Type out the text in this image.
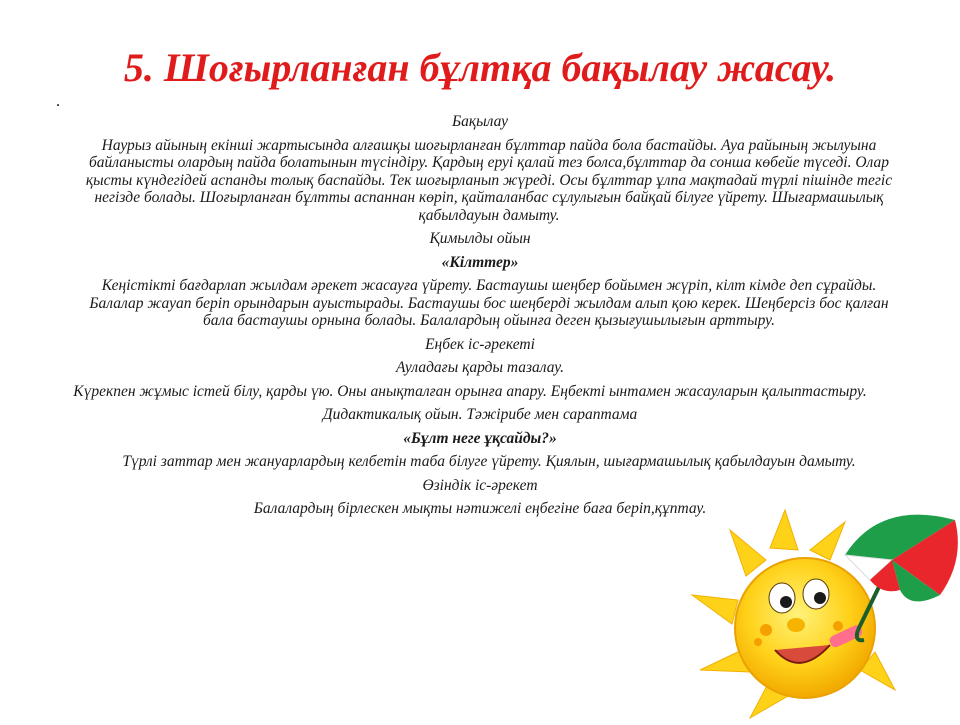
5. Шоғырланған бұлтқа бақылау жасау.
.

Бақылау

Наурыз айының екінші жартысында алғашқы шоғырланған бұлттар пайда бола бастайды. Ауа райының жылуына байланысты олардың пайда болатынын түсіндіру. Қардың еруі қалай тез болса,бұлттар да соншa көбейе түседі. Олар қысты күндегідей аспанды толық баспайды. Тек шоғырланып жүреді. Осы бұлттар ұлпа мақтадай түрлі пішінде тегіс негізде болады. Шоғырланған бұлтты аспаннан көріп, қайталанбас сұлулығын байқай білуге үйрету. Шығармашылық қабылдауын дамыту.

Қимылды ойын

«Кілттер»

Кеңістікті бағдарлап жылдам әрекет жасауға үйрету. Бастаушы шеңбер бойымен жүріп, кілт кімде деп сұрайды. Балалар жауап беріп орындарын ауыстырады. Бастаушы бос шеңберді жылдам алып қою керек. Шеңберсіз бос қалған бала бастаушы орнына болады. Балалардың ойынға деген қызығушылығын арттыру.

Еңбек іс-әрекеті

Ауладағы қарды тазалау.

Күрекпен жұмыс істей білу, қарды үю. Оны анықталған орынға апару. Еңбекті ынтамен жасауларын қалыптастыру.

Дидактикалық ойын. Тәжірибе мен сараптама

«Бұлт неге ұқсайды?»

Түрлі заттар мен жануарлардың келбетін таба білуге үйрету. Қиялын, шығармашылық қабылдауын дамыту.

Өзіндік іс-әрекет

Балалардың бірлескен мықты нәтижелі еңбегіне баға беріп,құптау.
